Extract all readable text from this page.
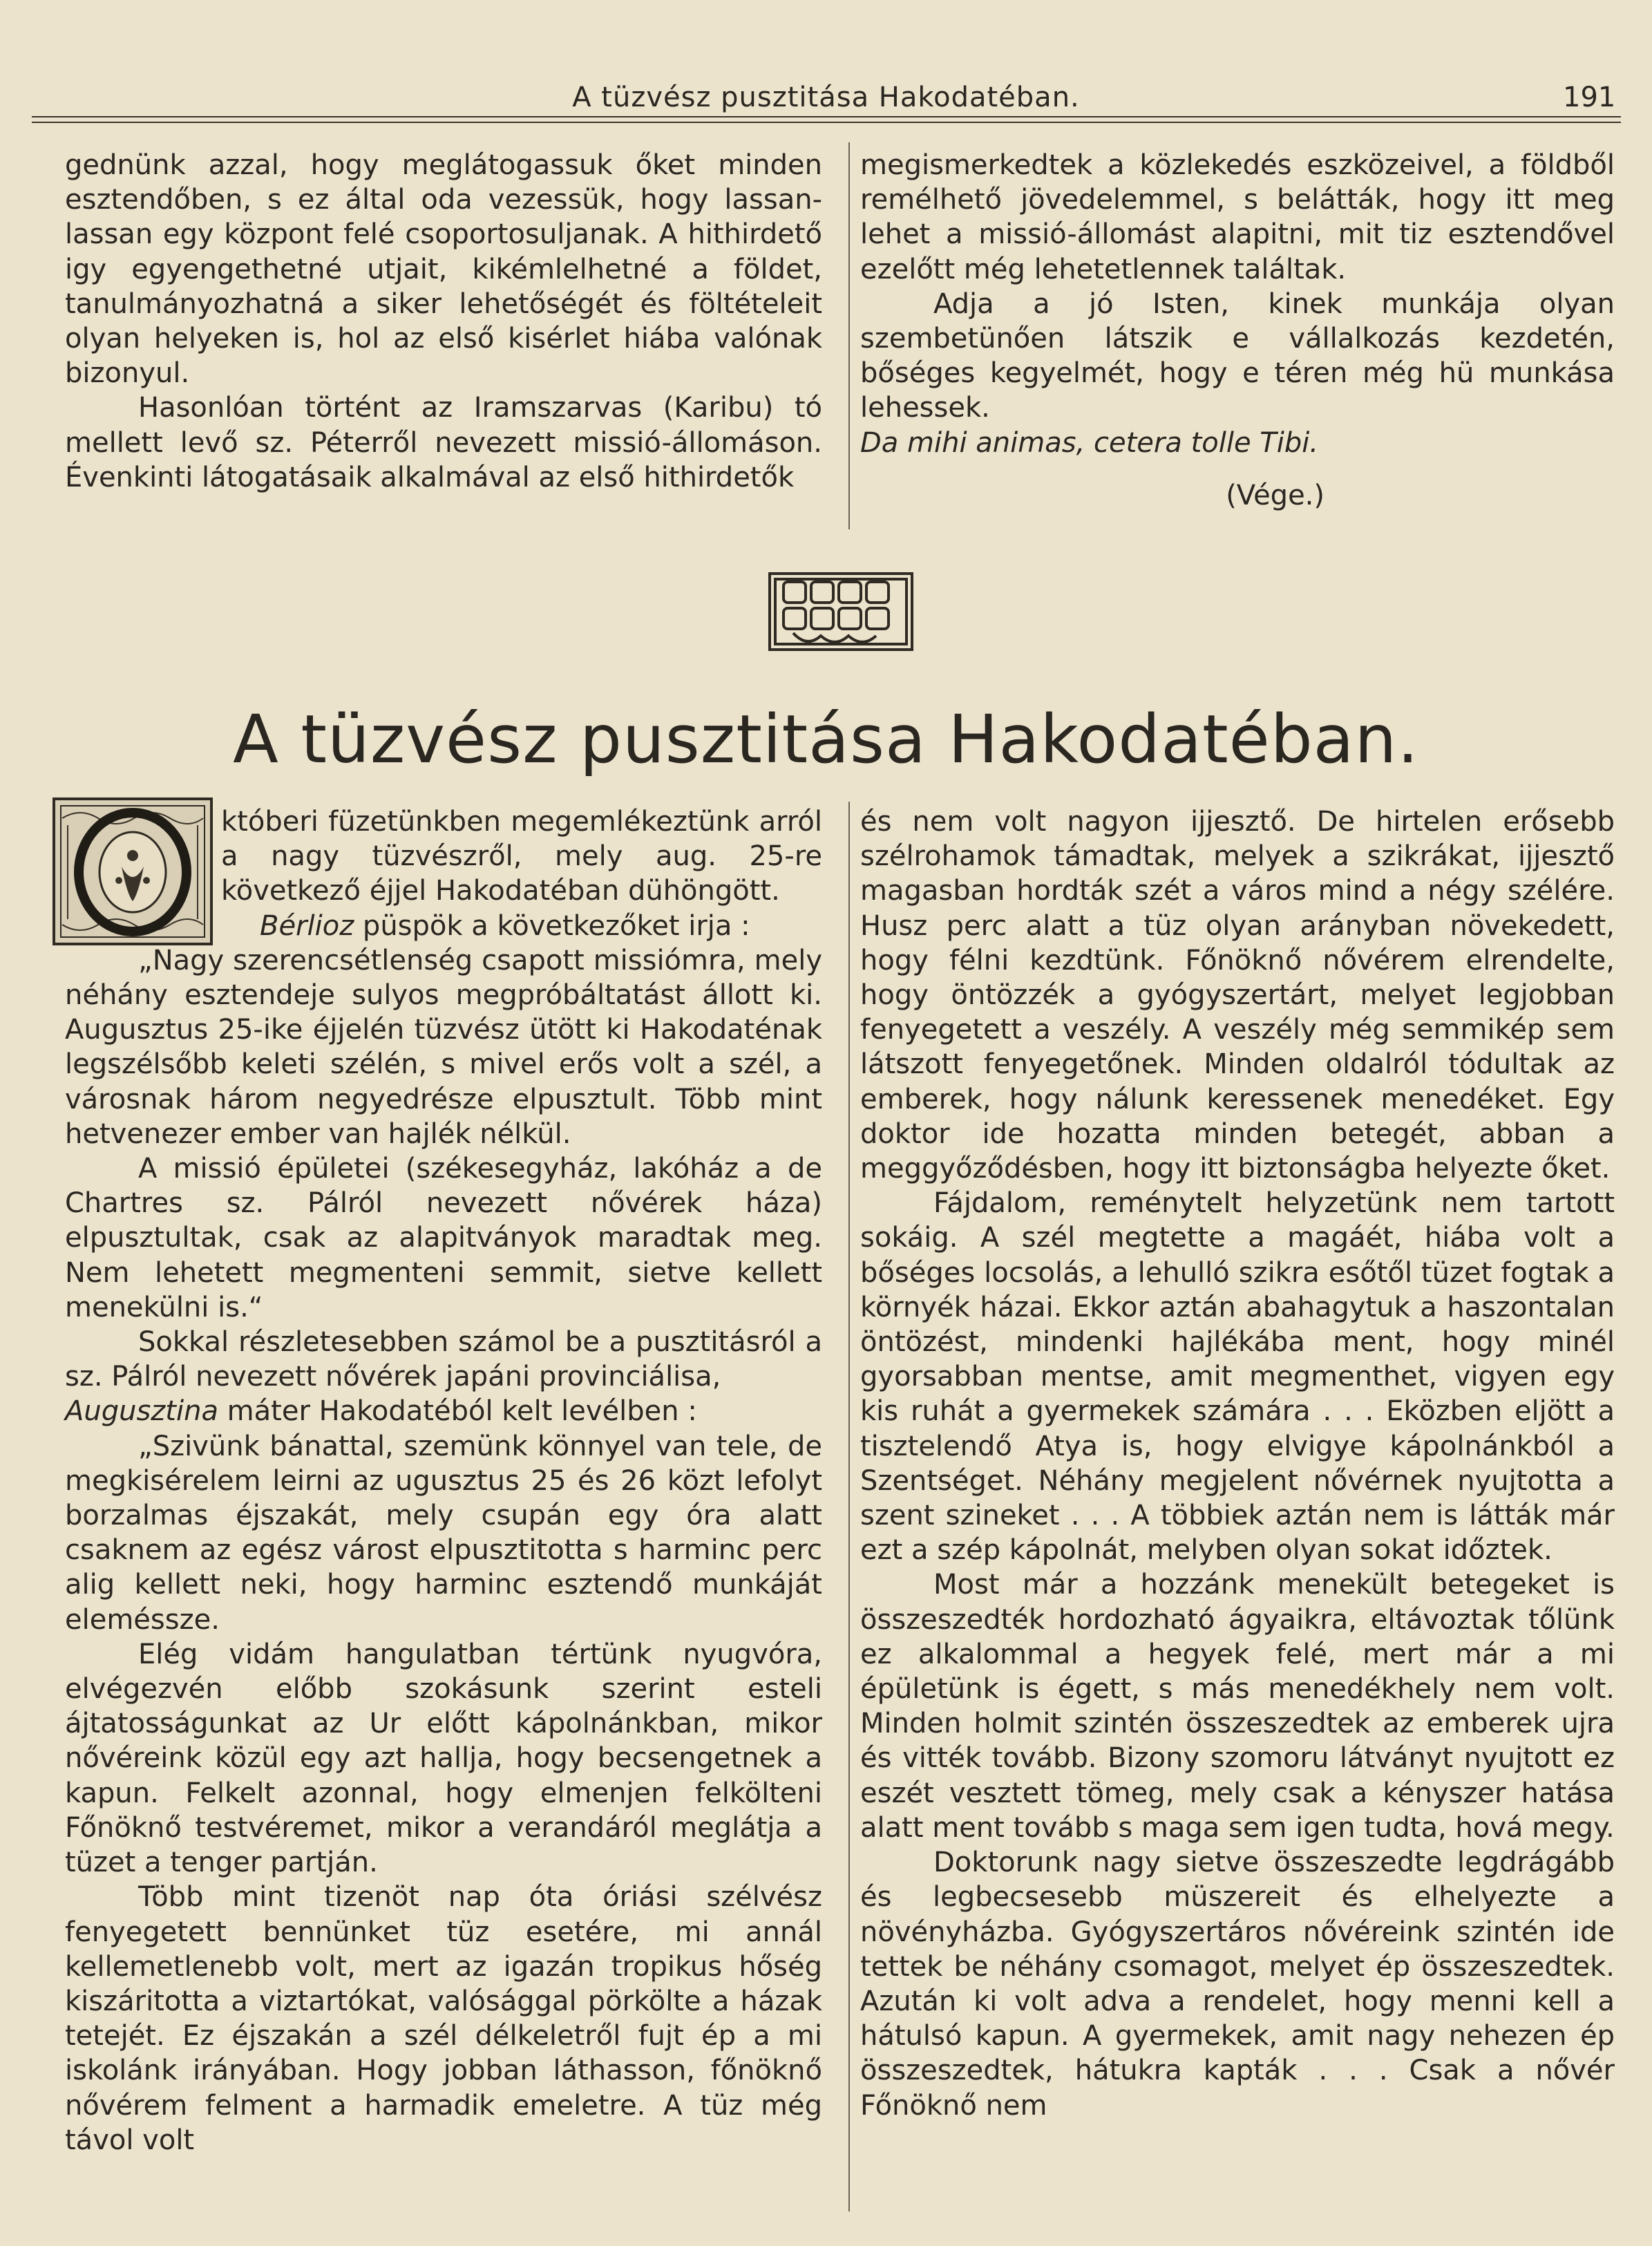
A tüzvész pusztitása Hakodatéban.	191

gednünk azzal, hogy meglátogassuk őket minden esztendőben, s ez által oda vezessük, hogy lassan-lassan egy központ felé csoportosuljanak. A hithirdető igy egyengethetné utjait, kikémlelhetné a földet, tanulmányozhatná a siker lehetőségét és föltételeit olyan helyeken is, hol az első kisérlet hiába valónak bizonyul.

Hasonlóan történt az Iramszarvas (Karibu) tó mellett levő sz. Péterről nevezett missió-állomáson. Évenkinti látogatásaik alkalmával az első hithirdetők

megismerkedtek a közlekedés eszközeivel, a földből remélhető jövedelemmel, s belátták, hogy itt meg lehet a missió-állomást alapitni, mit tiz esztendővel ezelőtt még lehetetlennek találtak.

Adja a jó Isten, kinek munkája olyan szembetünően látszik e vállalkozás kezdetén, bőséges kegyelmét, hogy e téren még hü munkása lehessek.

Da mihi animas, cetera tolle Tibi.

(Vége.)

A tüzvész pusztitása Hakodatéban.

któberi füzetünkben megemlékeztünk arról a nagy tüzvészről, mely aug. 25-re következő éjjel Hakodatéban dühöngött.

Bérlioz püspök a következőket irja :

„Nagy szerencsétlenség csapott missiómra, mely néhány esztendeje sulyos megpróbáltatást állott ki. Augusztus 25-ike éjjelén tüzvész ütött ki Hakodaténak legszélsőbb keleti szélén, s mivel erős volt a szél, a városnak három negyedrésze elpusztult. Több mint hetvenezer ember van hajlék nélkül.

A missió épületei (székesegyház, lakóház a de Chartres sz. Pálról nevezett nővérek háza) elpusztultak, csak az alapitványok maradtak meg. Nem lehetett megmenteni semmit, sietve kellett menekülni is.“

Sokkal részletesebben számol be a pusztitásról a sz. Pálról nevezett nővérek japáni provinciálisa,

Augusztina máter Hakodatéból kelt levélben :

„Szivünk bánattal, szemünk könnyel van tele, de megkisérelem leirni az ugusztus 25 és 26 közt lefolyt borzalmas éjszakát, mely csupán egy óra alatt csaknem az egész várost elpusztitotta s harminc perc alig kellett neki, hogy harminc esztendő munkáját elemésszе.

Elég vidám hangulatban tértünk nyugvóra, elvégezvén előbb szokásunk szerint esteli ájtatosságunkat az Ur előtt kápolnánkban, mikor nővéreink közül egy azt hallja, hogy becsengetnek a kapun. Felkelt azonnal, hogy elmenjen felkölteni Főnöknő testvéremet, mikor a verandáról meglátja a tüzet a tenger partján.

Több mint tizenöt nap óta óriási szélvész fenyegetett bennünket tüz esetére, mi annál kellemetlenebb volt, mert az igazán tropikus hőség kiszáritotta a viztartókat, valósággal pörkölte a házak tetejét. Ez éjszakán a szél délkeletről fujt ép a mi iskolánk irányában. Hogy jobban láthasson, főnöknő nővérem felment a harmadik emeletre. A tüz még távol volt

és nem volt nagyon ijjesztő. De hirtelen erősebb szélrohamok támadtak, melyek a szikrákat, ijjesztő magasban hordták szét a város mind a négy szélére. Husz perc alatt a tüz olyan arányban növekedett, hogy félni kezdtünk. Főnöknő nővérem elrendelte, hogy öntözzék a gyógyszertárt, melyet legjobban fenyegetett a veszély. A veszély még semmikép sem látszott fenyegetőnek. Minden oldalról tódultak az emberek, hogy nálunk keressenek menedéket. Egy doktor ide hozatta minden betegét, abban a meggyőződésben, hogy itt biztonságba helyezte őket.

Fájdalom, reménytelt helyzetünk nem tartott sokáig. A szél megtette a magáét, hiába volt a bőséges locsolás, a lehulló szikra esőtől tüzet fogtak a környék házai. Ekkor aztán abahagytuk a haszontalan öntözést, mindenki hajlékába ment, hogy minél gyorsabban mentse, amit megmenthet, vigyen egy kis ruhát a gyermekek számára . . . Eközben eljött a tisztelendő Atya is, hogy elvigye kápolnánkból a Szentséget. Néhány megjelent nővérnek nyujtotta a szent szineket . . . A többiek aztán nem is látták már ezt a szép kápolnát, melyben olyan sokat időztek.

Most már a hozzánk menekült betegeket is összeszedték hordozható ágyaikra, eltávoztak tőlünk ez alkalommal a hegyek felé, mert már a mi épületünk is égett, s más menedékhely nem volt. Minden holmit szintén összeszedtek az emberek ujra és vitték tovább. Bizony szomoru látványt nyujtott ez eszét vesztett tömeg, mely csak a kényszer hatása alatt ment tovább s maga sem igen tudta, hová megy.

Doktorunk nagy sietve összeszedte legdrágább és legbecsesebb müszereit és elhelyezte a növényházba. Gyógyszertáros nővéreink szintén ide tettek be néhány csomagot, melyet ép összeszedtek. Azután ki volt adva a rendelet, hogy menni kell a hátulsó kapun. A gyermekek, amit nagy nehezen ép összeszedtek, hátukra kapták . . . Csak a nővér Főnöknő nem
